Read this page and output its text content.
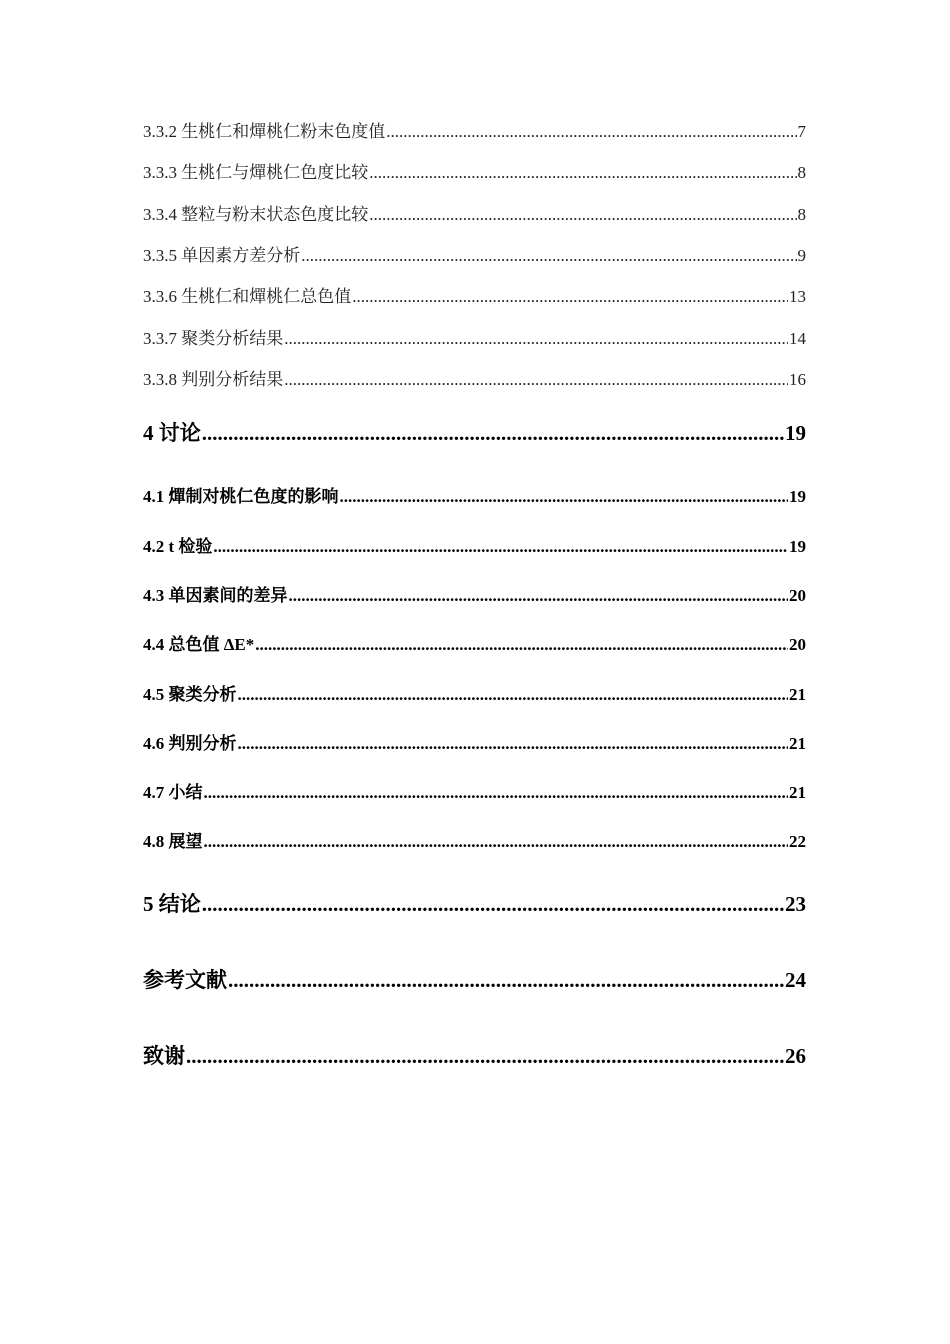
3.3.2 生桃仁和燀桃仁粉末色度值 .....	7
3.3.3 生桃仁与燀桃仁色度比较 .....	8
3.3.4 整粒与粉末状态色度比较 .....	8
3.3.5 单因素方差分析 .....	9
3.3.6 生桃仁和燀桃仁总色值 .....	13
3.3.7 聚类分析结果 .....	14
3.3.8 判别分析结果 .....	16
4 讨论 .....	19
4.1 燀制对桃仁色度的影响 .....	19
4.2 t 检验 .....	19
4.3 单因素间的差异 .....	20
4.4 总色值 ΔE* .....	20
4.5 聚类分析 .....	21
4.6 判别分析 .....	21
4.7 小结 .....	21
4.8 展望 .....	22
5 结论 .....	23
参考文献 .....	24
致谢 .....	26
